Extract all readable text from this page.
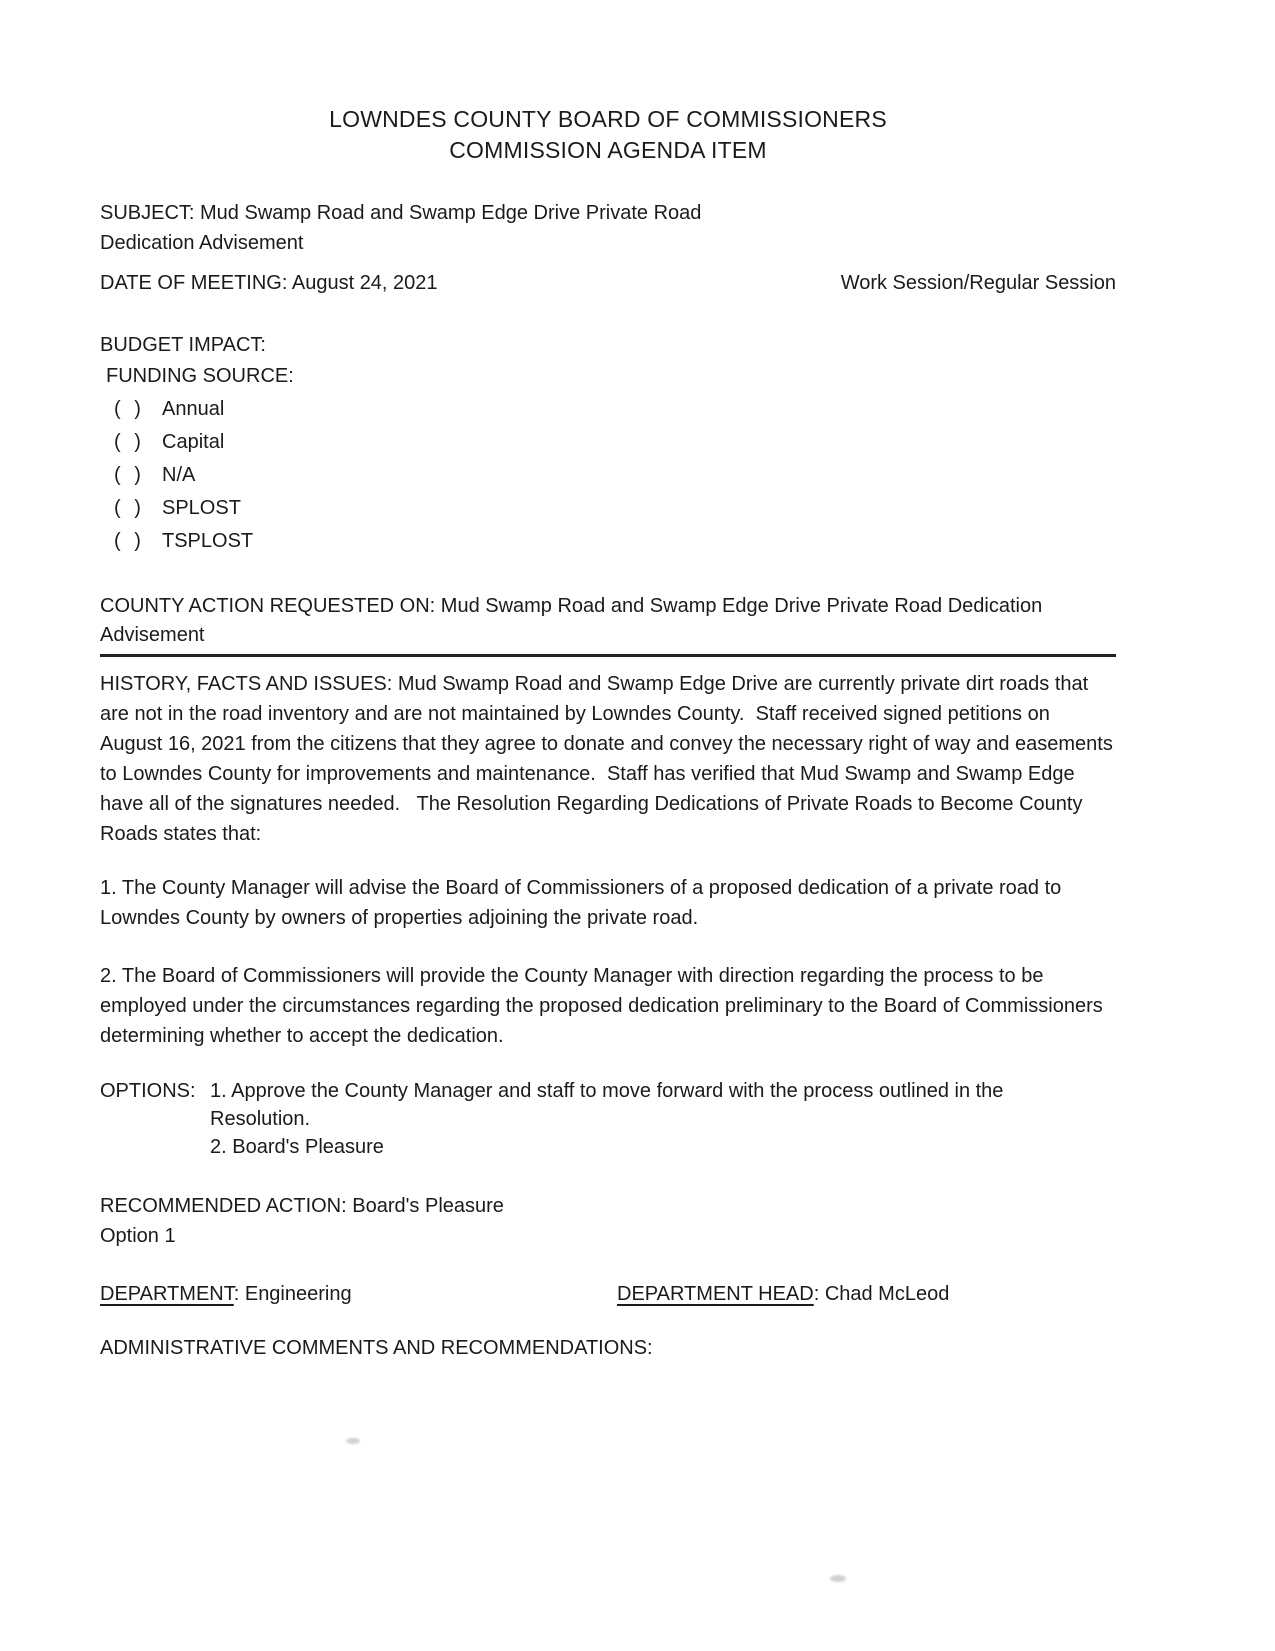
LOWNDES COUNTY BOARD OF COMMISSIONERS
COMMISSION AGENDA ITEM

SUBJECT: Mud Swamp Road and Swamp Edge Drive Private Road Dedication Advisement

DATE OF MEETING: August 24, 2021	Work Session/Regular Session

BUDGET IMPACT:

FUNDING SOURCE:

( )	Annual
( )	Capital
( )	N/A
( )	SPLOST
( )	TSPLOST

COUNTY ACTION REQUESTED ON: Mud Swamp Road and Swamp Edge Drive Private Road Dedication Advisement

HISTORY, FACTS AND ISSUES: Mud Swamp Road and Swamp Edge Drive are currently private dirt roads that are not in the road inventory and are not maintained by Lowndes County.  Staff received signed petitions on August 16, 2021 from the citizens that they agree to donate and convey the necessary right of way and easements to Lowndes County for improvements and maintenance.  Staff has verified that Mud Swamp and Swamp Edge have all of the signatures needed.   The Resolution Regarding Dedications of Private Roads to Become County Roads states that:

1. The County Manager will advise the Board of Commissioners of a proposed dedication of a private road to Lowndes County by owners of properties adjoining the private road.

2. The Board of Commissioners will provide the County Manager with direction regarding the process to be employed under the circumstances regarding the proposed dedication preliminary to the Board of Commissioners determining whether to accept the dedication.

OPTIONS: 1. Approve the County Manager and staff to move forward with the process outlined in the Resolution.

2. Board's Pleasure

RECOMMENDED ACTION: Board's Pleasure

Option 1

DEPARTMENT: Engineering	DEPARTMENT HEAD: Chad McLeod

ADMINISTRATIVE COMMENTS AND RECOMMENDATIONS:
